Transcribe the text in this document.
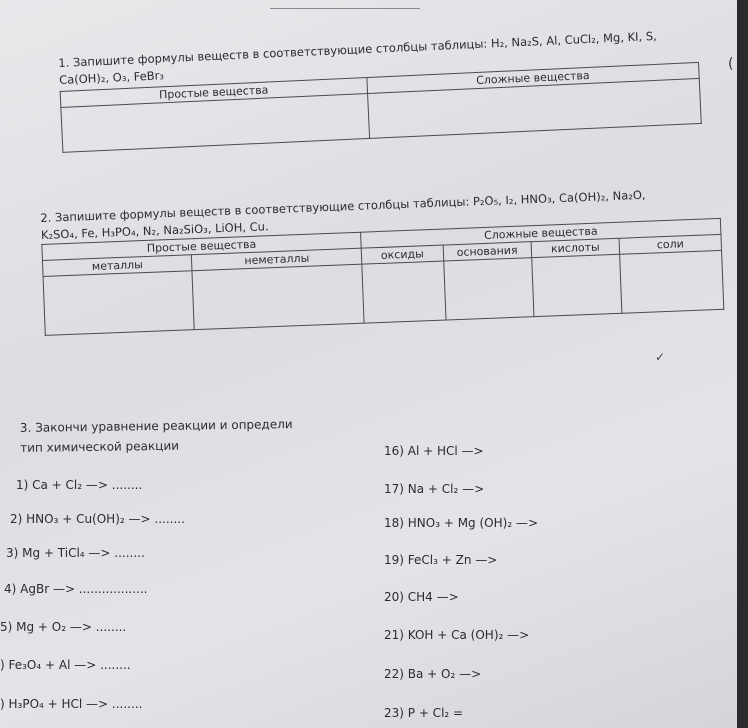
(
1. Запишите формулы веществ в соответствующие столбцы таблицы: H₂, Na₂S, Al, CuCl₂, Mg, KI, S,
Ca(OH)₂, O₃, FeBr₃
Простые вещества	Сложные вещества

2. Запишите формулы веществ в соответствующие столбцы таблицы: P₂O₅, I₂, HNO₃, Ca(OH)₂, Na₂O,
K₂SO₄, Fe, H₃PO₄, N₂, Na₂SiO₃, LiOH, Cu.
Простые вещества		Сложные вещества			
металлы	неметаллы	оксиды	основания	кислоты	соли

✓
3. Закончи уравнение реакции и определи
тип химической реакции
1) Ca + Cl₂ —> ........
2) HNO₃ + Cu(OH)₂ —> ........
3) Mg + TiCl₄ —> ........
4) AgBr —> ..................
5) Mg + O₂ —> ........
) Fe₃O₄ + Al —> ........
) H₃PO₄ + HCl —> ........
16) Al + HCl —>
17) Na + Cl₂ —>
18) HNO₃ + Mg (OH)₂ —>
19) FeCl₃ + Zn —>
20) CH4 —>
21) KOH + Ca (OH)₂ —>
22) Ba + O₂ —>
23) P + Cl₂ =
